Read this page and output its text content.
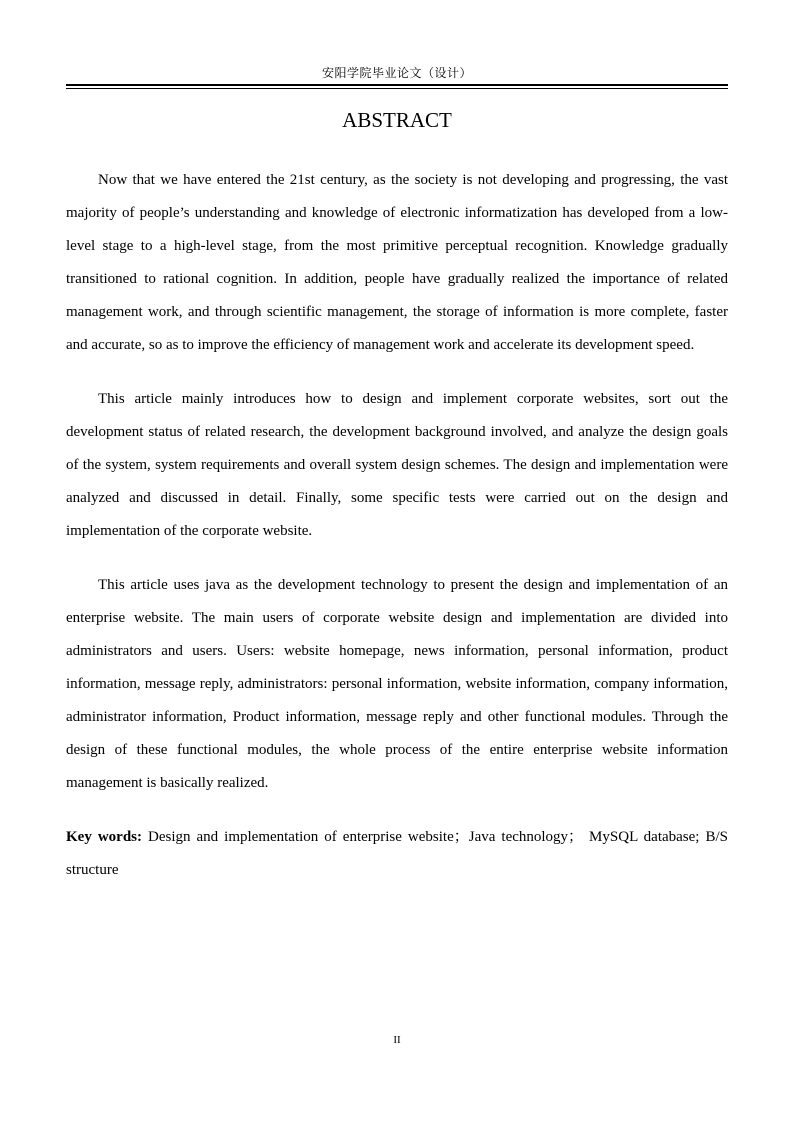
安阳学院毕业论文（设计）
ABSTRACT

Now that we have entered the 21st century, as the society is not developing and progressing, the vast majority of people’s understanding and knowledge of electronic informatization has developed from a low-level stage to a high-level stage, from the most primitive perceptual recognition. Knowledge gradually transitioned to rational cognition. In addition, people have gradually realized the importance of related management work, and through scientific management, the storage of information is more complete, faster and accurate, so as to improve the efficiency of management work and accelerate its development speed.

This article mainly introduces how to design and implement corporate websites, sort out the development status of related research, the development background involved, and analyze the design goals of the system, system requirements and overall system design schemes. The design and implementation were analyzed and discussed in detail. Finally, some specific tests were carried out on the design and implementation of the corporate website.

This article uses java as the development technology to present the design and implementation of an enterprise website. The main users of corporate website design and implementation are divided into administrators and users. Users: website homepage, news information, personal information, product information, message reply, administrators: personal information, website information, company information, administrator information, Product information, message reply and other functional modules. Through the design of these functional modules, the whole process of the entire enterprise website information management is basically realized.

Key words: Design and implementation of enterprise website；Java technology； MySQL database; B/S structure

II
